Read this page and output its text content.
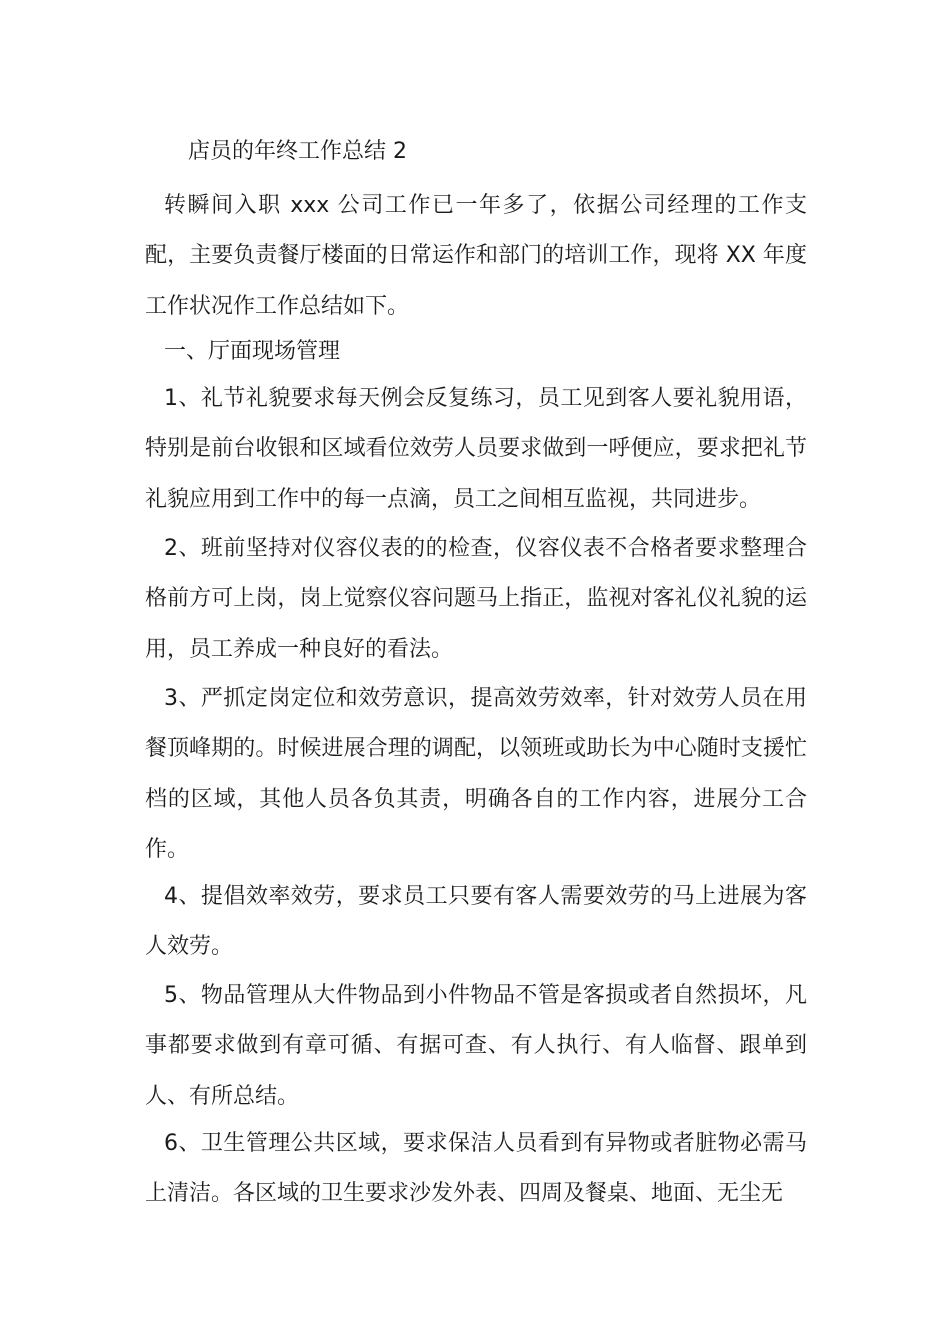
店员的年终工作总结 2

转瞬间入职 xxx 公司工作已一年多了，依据公司经理的工作支配，主要负责餐厅楼面的日常运作和部门的培训工作，现将 XX 年度工作状况作工作总结如下。

一、厅面现场管理

1、礼节礼貌要求每天例会反复练习，员工见到客人要礼貌用语，特别是前台收银和区域看位效劳人员要求做到一呼便应，要求把礼节礼貌应用到工作中的每一点滴，员工之间相互监视，共同进步。

2、班前坚持对仪容仪表的的检查，仪容仪表不合格者要求整理合格前方可上岗，岗上觉察仪容问题马上指正，监视对客礼仪礼貌的运用，员工养成一种良好的看法。

3、严抓定岗定位和效劳意识，提高效劳效率，针对效劳人员在用餐顶峰期的。时候进展合理的调配，以领班或助长为中心随时支援忙档的区域，其他人员各负其责，明确各自的工作内容，进展分工合作。

4、提倡效率效劳，要求员工只要有客人需要效劳的马上进展为客人效劳。

5、物品管理从大件物品到小件物品不管是客损或者自然损坏，凡事都要求做到有章可循、有据可查、有人执行、有人临督、跟单到人、有所总结。

6、卫生管理公共区域，要求保洁人员看到有异物或者脏物必需马上清洁。各区域的卫生要求沙发外表、四周及餐桌、地面、无尘无
